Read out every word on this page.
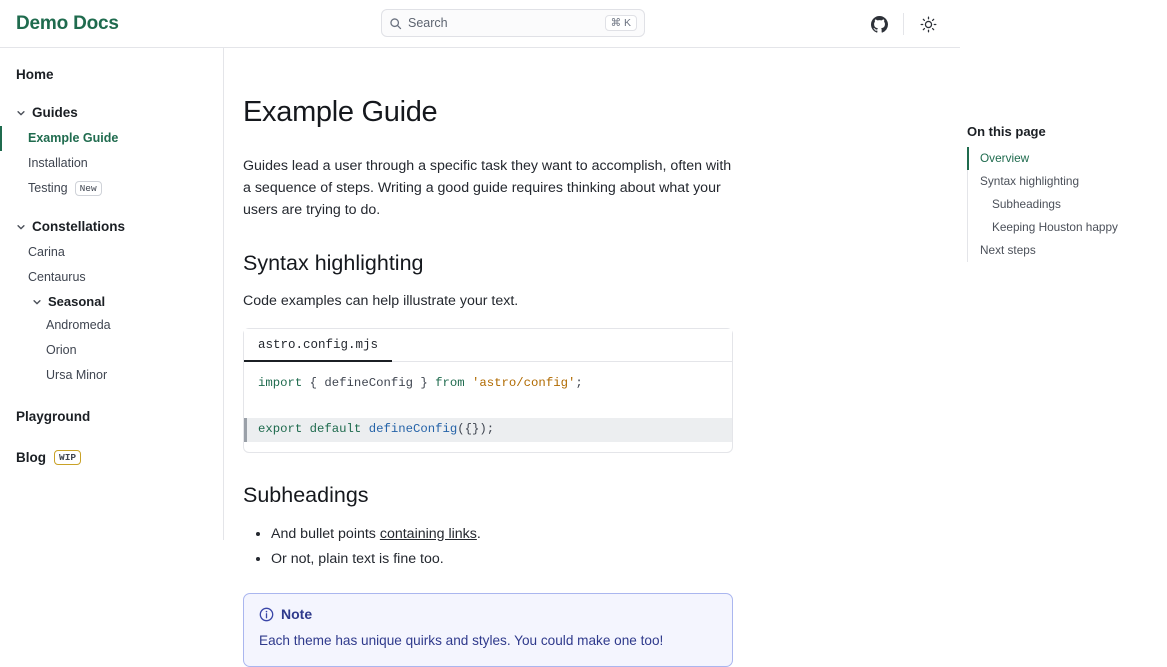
Demo Docs	Search	⌘ K
Home
Guides
Example Guide
Installation
Testing	New
Constellations
Carina
Centaurus
Seasonal
Andromeda
Orion
Ursa Minor
Playground
Blog	WIP
Example Guide

Guides lead a user through a specific task they want to accomplish, often with a sequence of steps. Writing a good guide requires thinking about what your users are trying to do.

Syntax highlighting

Code examples can help illustrate your text.

astro.config.mjs
import { defineConfig } from 'astro/config';
export default defineConfig({});
Subheadings
• And bullet points containing links.
• Or not, plain text is fine too.
Note
Each theme has unique quirks and styles. You could make one too!
On this page
Overview
Syntax highlighting
Subheadings
Keeping Houston happy
Next steps
